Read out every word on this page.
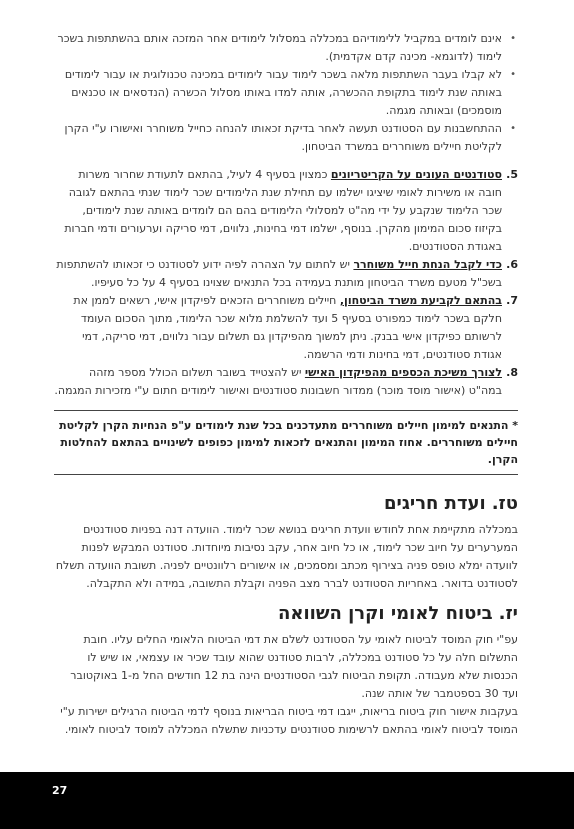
• אינם לומדים במקביל ללימודיהם במכללה במסלול לימודים אחר המזכה אותם בהשתתפות בשכר לימוד (לדוגמא- מכינה קדם אקדמית).

• לא קבלו בעבר השתתפות מלאה בשכר לימוד עבור לימודים במכינה טכנולוגית או עבור לימודים באותה שנת לימוד בתקופת ההכשרה, אותה למדו באותו מסלול הכשרה (הנדסאים או טכנאים מוסמכים) ובאותה מגמה.

• ההתחשבנות עם הסטודנט תעשה לאחר בדיקת זכאותו להנחה כחייל משוחרר ואישורו ע"י הקרן לקליטת חיילים משוחררים במשרד הביטחון.

5.
סטודנטים העונים על הקריטריונים כמצוין בסעיף 4 לעיל, בהתאם לתעודת שחרור משרות חובה או משירות לאומי שיציגו ישלמו עם תחילת שנת הלימודים שכר לימוד שנתי בהתאם לגובה שכר הלימוד שנקבע על ידי מה"ט למסלולי הלימודים בהם הם לומדים באותה שנת לימודים, בקיזוז סכום המימון מהקרן. בנוסף, ישלמו דמי בחינות, נלווים, דמי סריקה וערעורים ודמי חברות באגודת הסטודנטים.

6.
כדי לקבל הנחת חייל משוחרר יש לחתום על הצהרה לפיה ידוע לסטודנט כי זכאותו להשתתפות בשכ"ל מטעם משרד הביטחון מותנת בעמידה בכל התנאים שצוינו בסעיף 4 על כל סעיפיו.

7.
בהתאם לקביעת משרד הביטחון, חיילים משוחררים הזכאים לפיקדון אישי, רשאים לממן את חלקם בשכר לימוד כמפורט בסעיף 5 ועד להשלמת מלוא שכר הלימוד, מתוך הסכום העומד לרשותם כפיקדון אישי בבנק. ניתן למשוך מהפיקדון גם תשלום עבור נלווים, דמי סריקה, דמי אגודת סטודנטים, דמי בחינות ודמי הרשמה.

8.
לצורך משיכת הכספים מהפיקדון האישי יש להצטייד בשובר תשלום הכולל מספר מזהה במה"ט (אישור מוסד מוכר) ממדור חשבונות סטודנטים ואישור לימודים חתום ע"י מזכירות המגמה.

* התנאים למימון חיילים משוחררים מתעדכנים בכל שנת לימודים ע"פ הנחיות הקרן לקליטת חיילים משוחררים. אחוז המימון והתנאים לזכאות למימון כפופים לשינויים בהתאם להחלטות הקרן.
טז.ועדת חריגים

במכללה מתקיימת אחת לחודש וועדת חריגים בנושא שכר לימוד. הוועדה דנה בפניות סטודנטים המערערים על חיוב שכר לימוד, או כל חיוב אחר, עקב נסיבות מיוחדות. סטודנט המבקש לפנות לוועדה ימלא טופס פניה בצירוף מכתב ומסמכים, או אישורים רלוונטיים לפניה. תשובת הוועדה תשלח לסטודנט בדואר. באחריות הסטודנט לברר מצב הפניה וקבלת התשובה, במידה ולא התקבלה.

יז.ביטוח לאומי וקרן השוואה

עפ"י חוק המוסד לביטוח לאומי על הסטודנט לשלם את דמי הביטוח הלאומי החלים עליו. חובת התשלום חלה על כל סטודנט במכללה, לרבות סטודנט שהוא עובד שכיר או עצמאי, או שיש לו הכנסות שלא מעבודה. תקופת הביטוח לגבי הסטודנטים הינה בת 12 חודשים החל מ-1 באוקטובר ועד 30 בספטמבר של אותה שנה.

בעקבות אישור חוק ביטוח בריאות, ייגבו דמי ביטוח הבריאות בנוסף לדמי הביטוח הרגילים ישירות ע"י המוסד לביטוח לאומי בהתאם לרשימות סטודנטים עדכניות שתשלח המכללה למוסד לביטוח לאומי.

27
